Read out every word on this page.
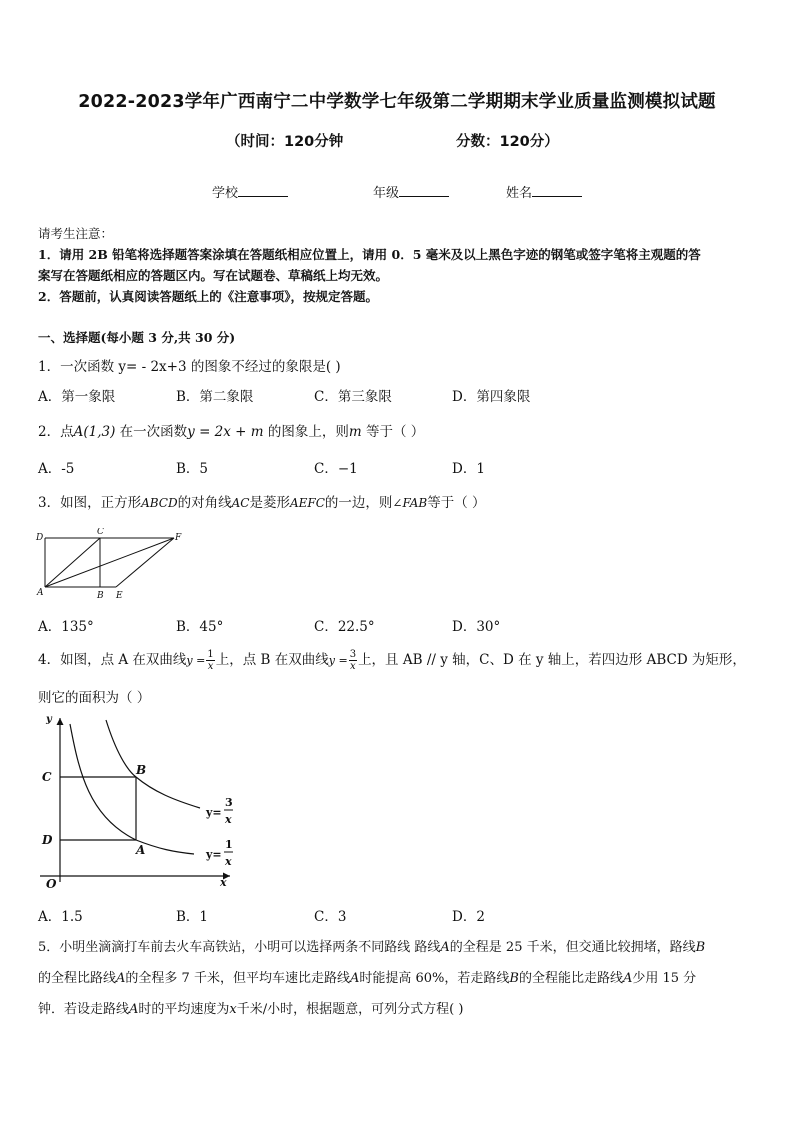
2022-2023学年广西南宁二中学数学七年级第二学期期末学业质量监测模拟试题
（时间：120分钟	分数：120分）
学校	年级	姓名
请考生注意：
1．请用 2B 铅笔将选择题答案涂填在答题纸相应位置上，请用 0．5 毫米及以上黑色字迹的钢笔或签字笔将主观题的答
案写在答题纸相应的答题区内。写在试题卷、草稿纸上均无效。
2．答题前，认真阅读答题纸上的《注意事项》，按规定答题。
一、选择题(每小题 3 分,共 30 分)
1．一次函数 y= - 2x+3 的图象不经过的象限是( )
A．第一象限	B．第二象限	C．第三象限	D．第四象限
2．点A(1,3) 在一次函数y = 2x + m 的图象上，则m 等于（ ）
A．-5	B．5	C．−1	D．1
3．如图，正方形ABCD的对角线AC是菱形AEFC的一边，则∠FAB等于（ ）
D
C
F
A	B E
A．135°	B．45°	C．22.5°	D．30°
4．如图，点 A 在双曲线$y = \frac{1}{x}$ 上，点 B 在双曲线$y = \frac{3}{x}$ 上，且 AB // y 轴，C、D 在 y 轴上，若四边形 ABCD 为矩形，
则它的面积为（ ）
y
x
O
C
D
B
A
y=
3
x
y=
1
x
A．1.5	B．1	C．3	D．2
5．小明坐滴滴打车前去火车高铁站，小明可以选择两条不同路线 路线A的全程是 25 千米，但交通比较拥堵，路线B
的全程比路线A的全程多 7 千米，但平均车速比走路线A时能提高 60%，若走路线B的全程能比走路线A少用 15 分
钟．若设走路线A时的平均速度为x千米/小时，根据题意，可列分式方程( )
